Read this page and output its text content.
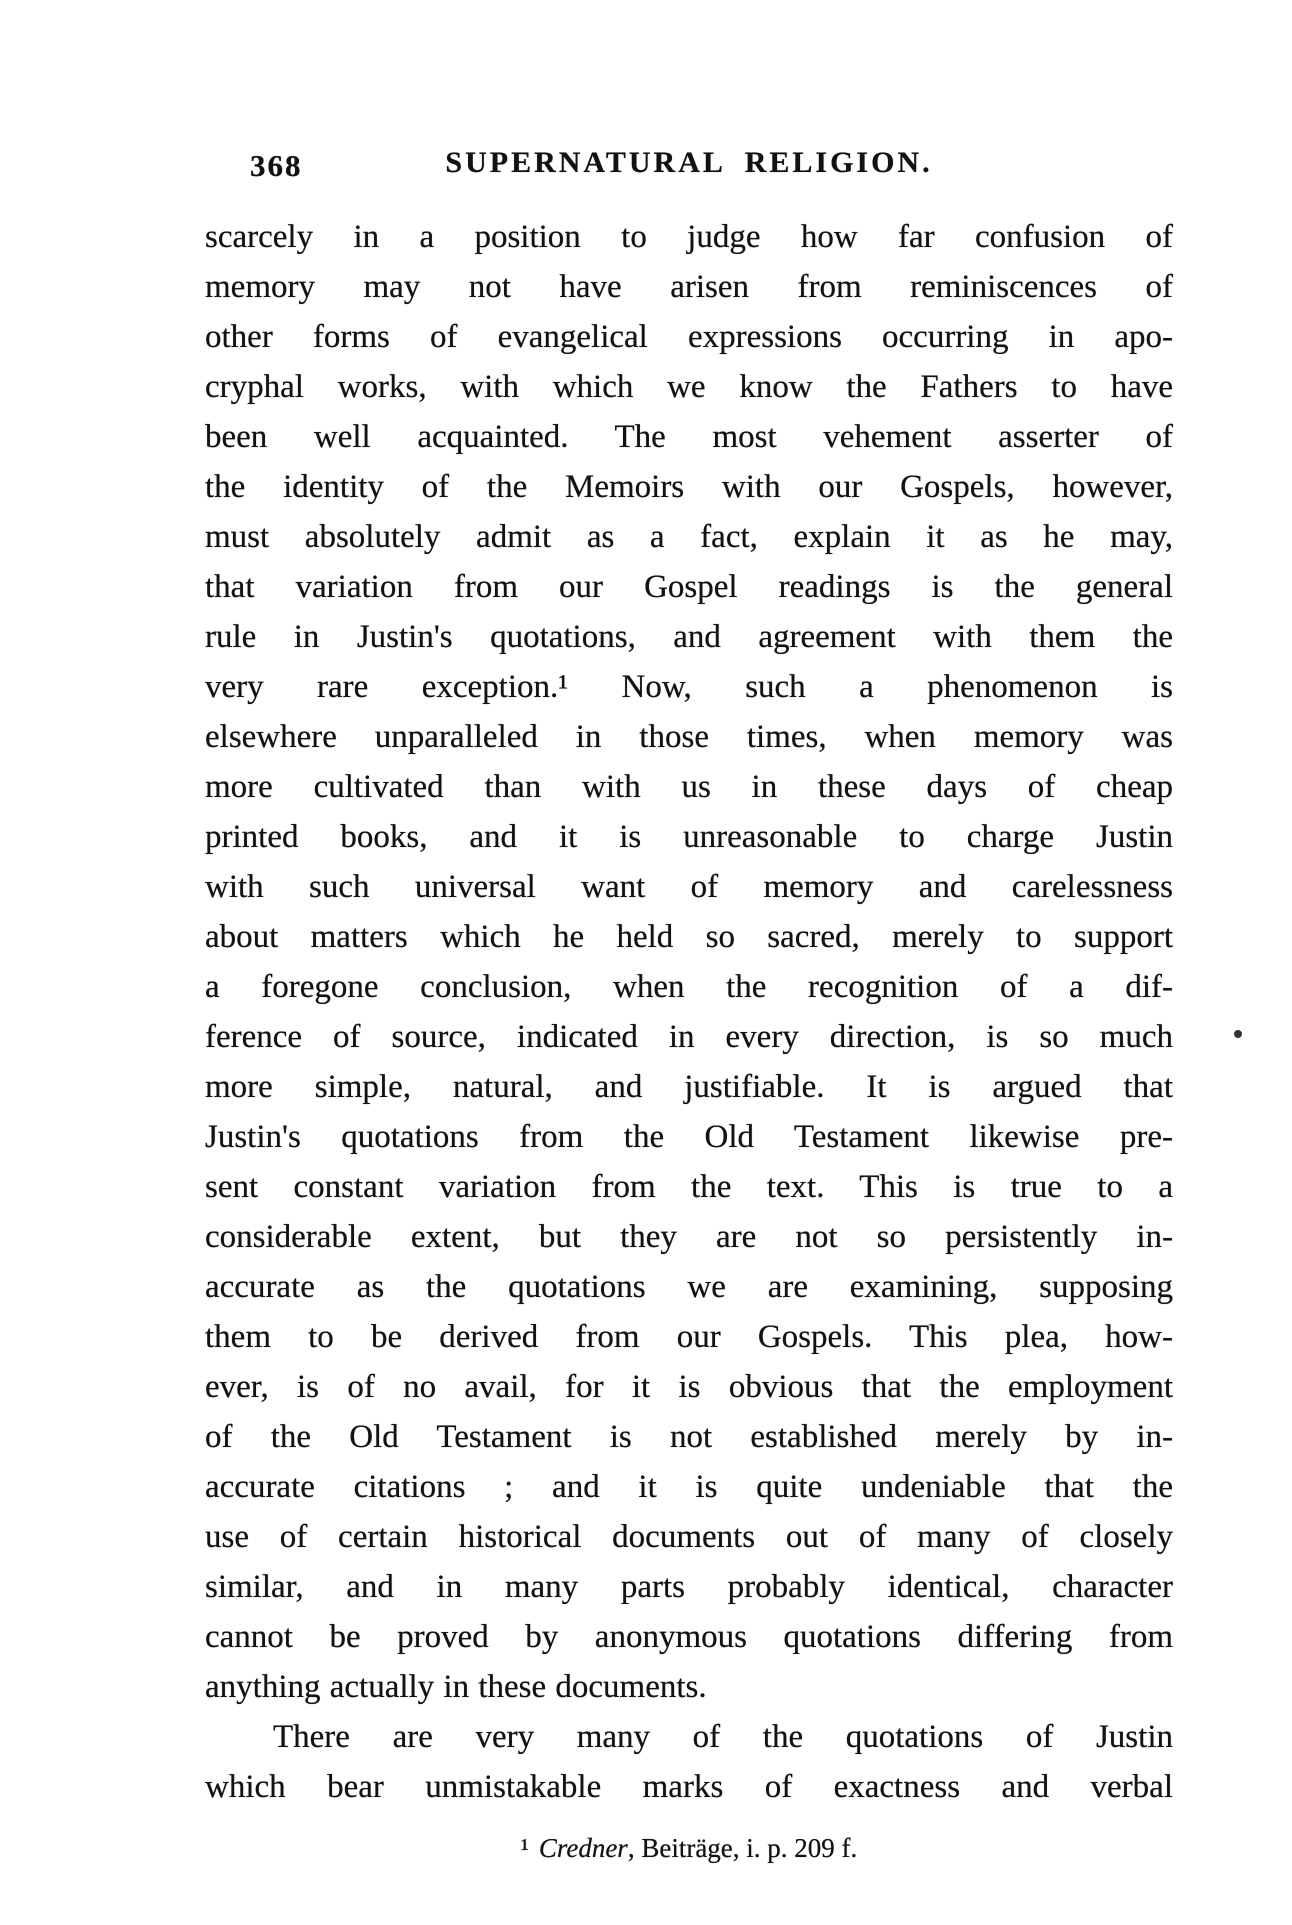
368	SUPERNATURAL RELIGION.
scarcely in a position to judge how far confusion of
memory may not have arisen from reminiscences of
other forms of evangelical expressions occurring in apo-
cryphal works, with which we know the Fathers to have
been well acquainted. The most vehement asserter of
the identity of the Memoirs with our Gospels, however,
must absolutely admit as a fact, explain it as he may,
that variation from our Gospel readings is the general
rule in Justin's quotations, and agreement with them the
very rare exception.¹ Now, such a phenomenon is
elsewhere unparalleled in those times, when memory was
more cultivated than with us in these days of cheap
printed books, and it is unreasonable to charge Justin
with such universal want of memory and carelessness
about matters which he held so sacred, merely to support
a foregone conclusion, when the recognition of a dif-
ference of source, indicated in every direction, is so much
more simple, natural, and justifiable. It is argued that
Justin's quotations from the Old Testament likewise pre-
sent constant variation from the text. This is true to a
considerable extent, but they are not so persistently in-
accurate as the quotations we are examining, supposing
them to be derived from our Gospels. This plea, how-
ever, is of no avail, for it is obvious that the employment
of the Old Testament is not established merely by in-
accurate citations ; and it is quite undeniable that the
use of certain historical documents out of many of closely
similar, and in many parts probably identical, character
cannot be proved by anonymous quotations differing from
anything actually in these documents.
There are very many of the quotations of Justin
which bear unmistakable marks of exactness and verbal
¹ Credner, Beiträge, i. p. 209 f.
